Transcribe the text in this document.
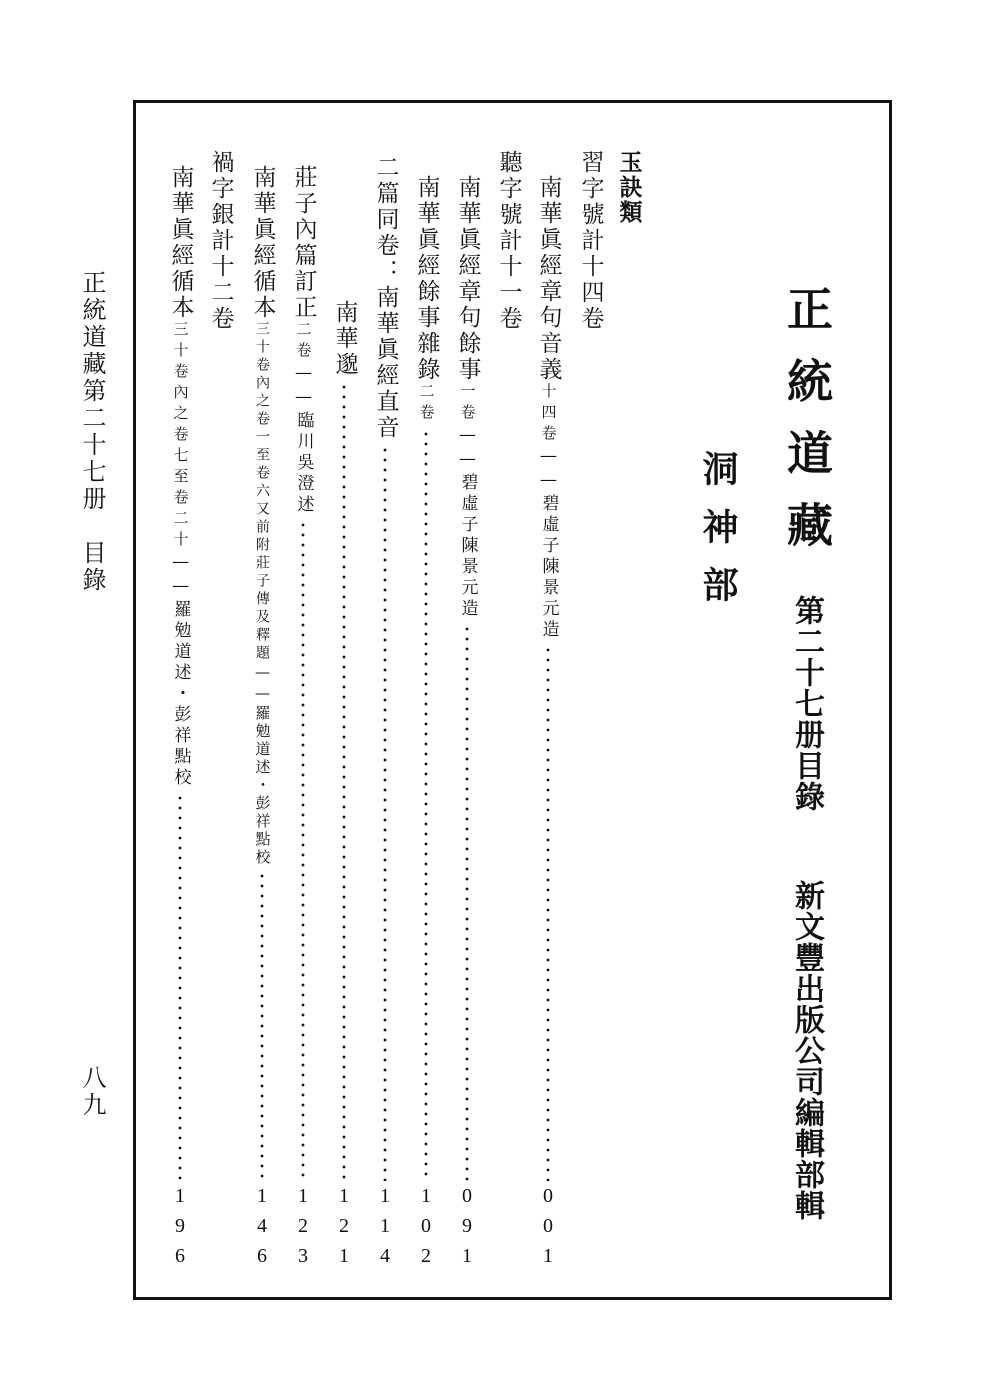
正統道藏
第二十七册目錄
洞神部
新文豐出版公司編輯部輯
玉訣類
習字號計十四卷
聽字號計十一卷
禍字銀計十二卷	南華眞經章句音義
十四卷
——碧虛子陳景元造
001
南華眞經章句餘事
一卷
——碧虛子陳景元造
091
南華眞經餘事雜錄
二卷
102
二篇同卷：南華眞經直音
114
南華邈
121
莊子內篇訂正
二卷
——臨川吳澄述
123
南華眞經循本
三十卷內之卷一至卷六又前附莊子傳及釋題
——羅勉道述・彭祥點校
146
南華眞經循本
三十卷內之卷七至卷二十
——羅勉道述・彭祥點校
196
正統道藏第二十七册　目錄
八九
